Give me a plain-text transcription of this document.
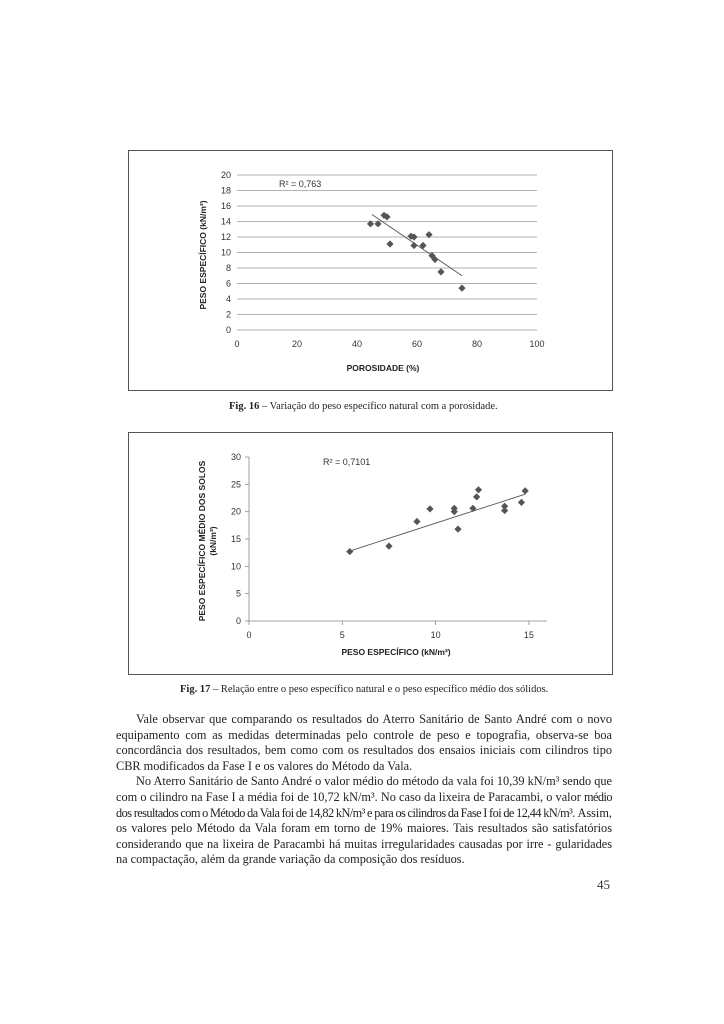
0
2
4
6
8
10
12
14
16
18
20
0	20	40	60	80	100
R² = 0,763
POROSIDADE (%)
PESO ESPECÍFICO (kN/m³)
Fig. 16 – Variação do peso específico natural com a porosidade.
0
5
10
15
20
25
30
0	5	10	15
R² = 0,7101
PESO ESPECÍFICO (kN/m³)
PESO ESPECÍFICO MÉDIO DOS SOLOS (kN/m³)
Fig. 17 – Relação entre o peso específico natural e o peso específico médio dos sólidos.

Vale observar que comparando os resultados do Aterro Sanitário de Santo André com o novo equipamento com as medidas determinadas pelo controle de peso e topografia, observa-se boa concordância dos resultados, bem como com os resultados dos ensaios iniciais com cilindros tipo CBR modificados da Fase I e os valores do Método da Vala.

No Aterro Sanitário de Santo André o valor médio do método da vala foi 10,39 kN/m³ sendo que com o cilindro na Fase I a média foi de 10,72 kN/m³. No caso da lixeira de Paracambi, o valor médio dos resultados com o Método da Vala foi de 14,82 kN/m³ e para os cilindros da Fase I foi de 12,44 kN/m³. Assim, os valores pelo Método da Vala foram em torno de 19% maiores. Tais resultados são satisfatórios considerando que na lixeira de Paracambi há muitas irregularidades causadas por irre - gularidades na compactação, além da grande variação da composição dos resíduos.

45
